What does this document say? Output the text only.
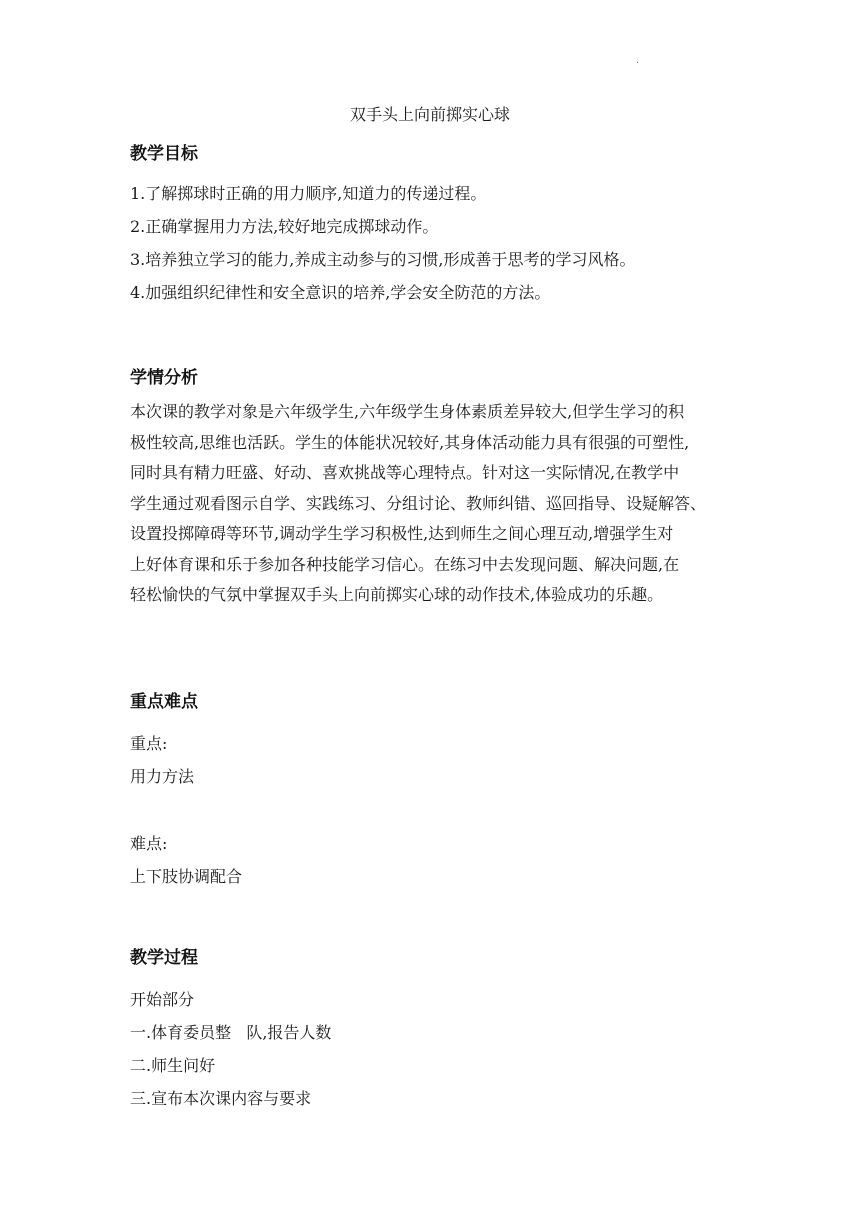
.
双手头上向前掷实心球
教学目标
1.了解掷球时正确的用力顺序,知道力的传递过程。
2.正确掌握用力方法,较好地完成掷球动作。
3.培养独立学习的能力,养成主动参与的习惯,形成善于思考的学习风格。
4.加强组织纪律性和安全意识的培养,学会安全防范的方法。
学情分析
本次课的教学对象是六年级学生,六年级学生身体素质差异较大,但学生学习的积
极性较高,思维也活跃。学生的体能状况较好,其身体活动能力具有很强的可塑性,
同时具有精力旺盛、好动、喜欢挑战等心理特点。针对这一实际情况,在教学中
学生通过观看图示自学、实践练习、分组讨论、教师纠错、巡回指导、设疑解答、
设置投掷障碍等环节,调动学生学习积极性,达到师生之间心理互动,增强学生对
上好体育课和乐于参加各种技能学习信心。在练习中去发现问题、解决问题,在
轻松愉快的气氛中掌握双手头上向前掷实心球的动作技术,体验成功的乐趣。
重点难点
重点:
用力方法
难点:
上下肢协调配合
教学过程
开始部分
一.体育委员整   队,报告人数
二.师生问好
三.宣布本次课内容与要求
